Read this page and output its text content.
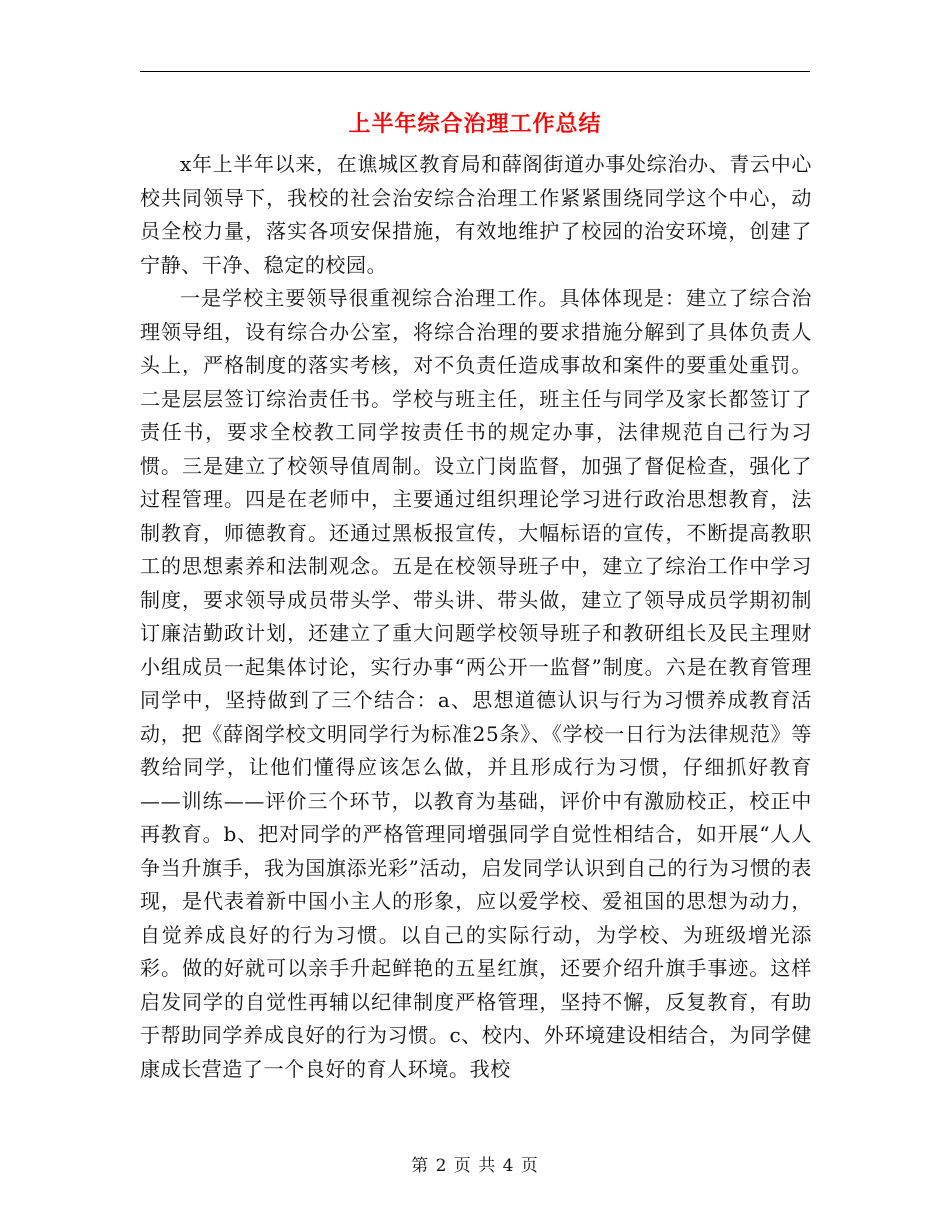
上半年综合治理工作总结

x年上半年以来，在谯城区教育局和薛阁街道办事处综治办、青云中心校共同领导下，我校的社会治安综合治理工作紧紧围绕同学这个中心，动员全校力量，落实各项安保措施，有效地维护了校园的治安环境，创建了宁静、干净、稳定的校园。

一是学校主要领导很重视综合治理工作。具体体现是：建立了综合治理领导组，设有综合办公室，将综合治理的要求措施分解到了具体负责人头上，严格制度的落实考核，对不负责任造成事故和案件的要重处重罚。二是层层签订综治责任书。学校与班主任，班主任与同学及家长都签订了责任书，要求全校教工同学按责任书的规定办事，法律规范自己行为习惯。三是建立了校领导值周制。设立门岗监督，加强了督促检查，强化了过程管理。四是在老师中，主要通过组织理论学习进行政治思想教育，法制教育，师德教育。还通过黑板报宣传，大幅标语的宣传，不断提高教职工的思想素养和法制观念。五是在校领导班子中，建立了综治工作中学习制度，要求领导成员带头学、带头讲、带头做，建立了领导成员学期初制订廉洁勤政计划，还建立了重大问题学校领导班子和教研组长及民主理财小组成员一起集体讨论，实行办事“两公开一监督”制度。六是在教育管理同学中，坚持做到了三个结合：a、思想道德认识与行为习惯养成教育活动，把《薛阁学校文明同学行为标准25条》、《学校一日行为法律规范》等教给同学，让他们懂得应该怎么做，并且形成行为习惯，仔细抓好教育——训练——评价三个环节，以教育为基础，评价中有激励校正，校正中再教育。b、把对同学的严格管理同增强同学自觉性相结合，如开展“人人争当升旗手，我为国旗添光彩”活动，启发同学认识到自己的行为习惯的表现，是代表着新中国小主人的形象，应以爱学校、爱祖国的思想为动力，自觉养成良好的行为习惯。以自己的实际行动，为学校、为班级增光添彩。做的好就可以亲手升起鲜艳的五星红旗，还要介绍升旗手事迹。这样启发同学的自觉性再辅以纪律制度严格管理，坚持不懈，反复教育，有助于帮助同学养成良好的行为习惯。c、校内、外环境建设相结合，为同学健康成长营造了一个良好的育人环境。我校

第 2 页 共 4 页
